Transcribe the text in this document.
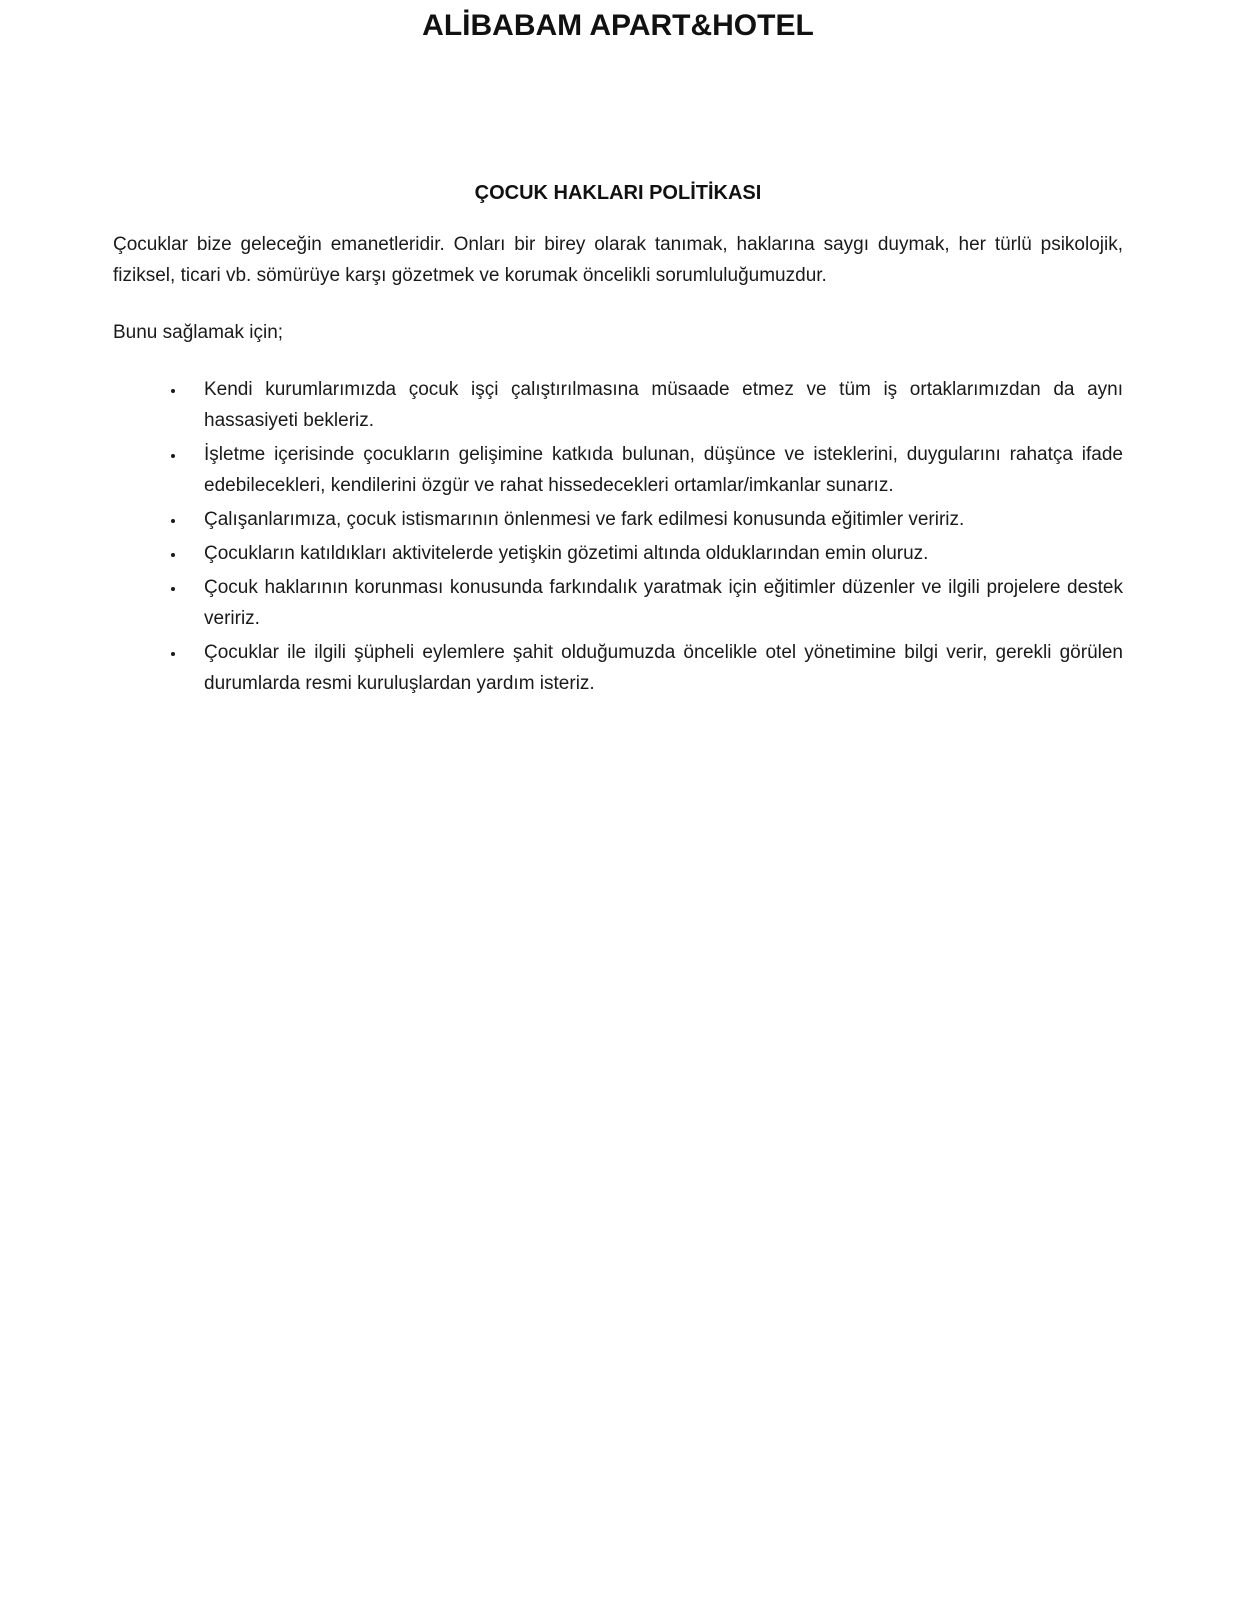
ALİBABAM APART&HOTEL
ÇOCUK HAKLARI POLİTİKASI

Çocuklar bize geleceğin emanetleridir. Onları bir birey olarak tanımak, haklarına saygı duymak, her türlü psikolojik, fiziksel, ticari vb. sömürüye karşı gözetmek ve korumak öncelikli sorumluluğumuzdur.

Bunu sağlamak için;

• Kendi kurumlarımızda çocuk işçi çalıştırılmasına müsaade etmez ve tüm iş ortaklarımızdan da aynı hassasiyeti bekleriz.
• İşletme içerisinde çocukların gelişimine katkıda bulunan, düşünce ve isteklerini, duygularını rahatça ifade edebilecekleri, kendilerini özgür ve rahat hissedecekleri ortamlar/imkanlar sunarız.
• Çalışanlarımıza, çocuk istismarının önlenmesi ve fark edilmesi konusunda eğitimler veririz.
• Çocukların katıldıkları aktivitelerde yetişkin gözetimi altında olduklarından emin oluruz.
• Çocuk haklarının korunması konusunda farkındalık yaratmak için eğitimler düzenler ve ilgili projelere destek veririz.
• Çocuklar ile ilgili şüpheli eylemlere şahit olduğumuzda öncelikle otel yönetimine bilgi verir, gerekli görülen durumlarda resmi kuruluşlardan yardım isteriz.
